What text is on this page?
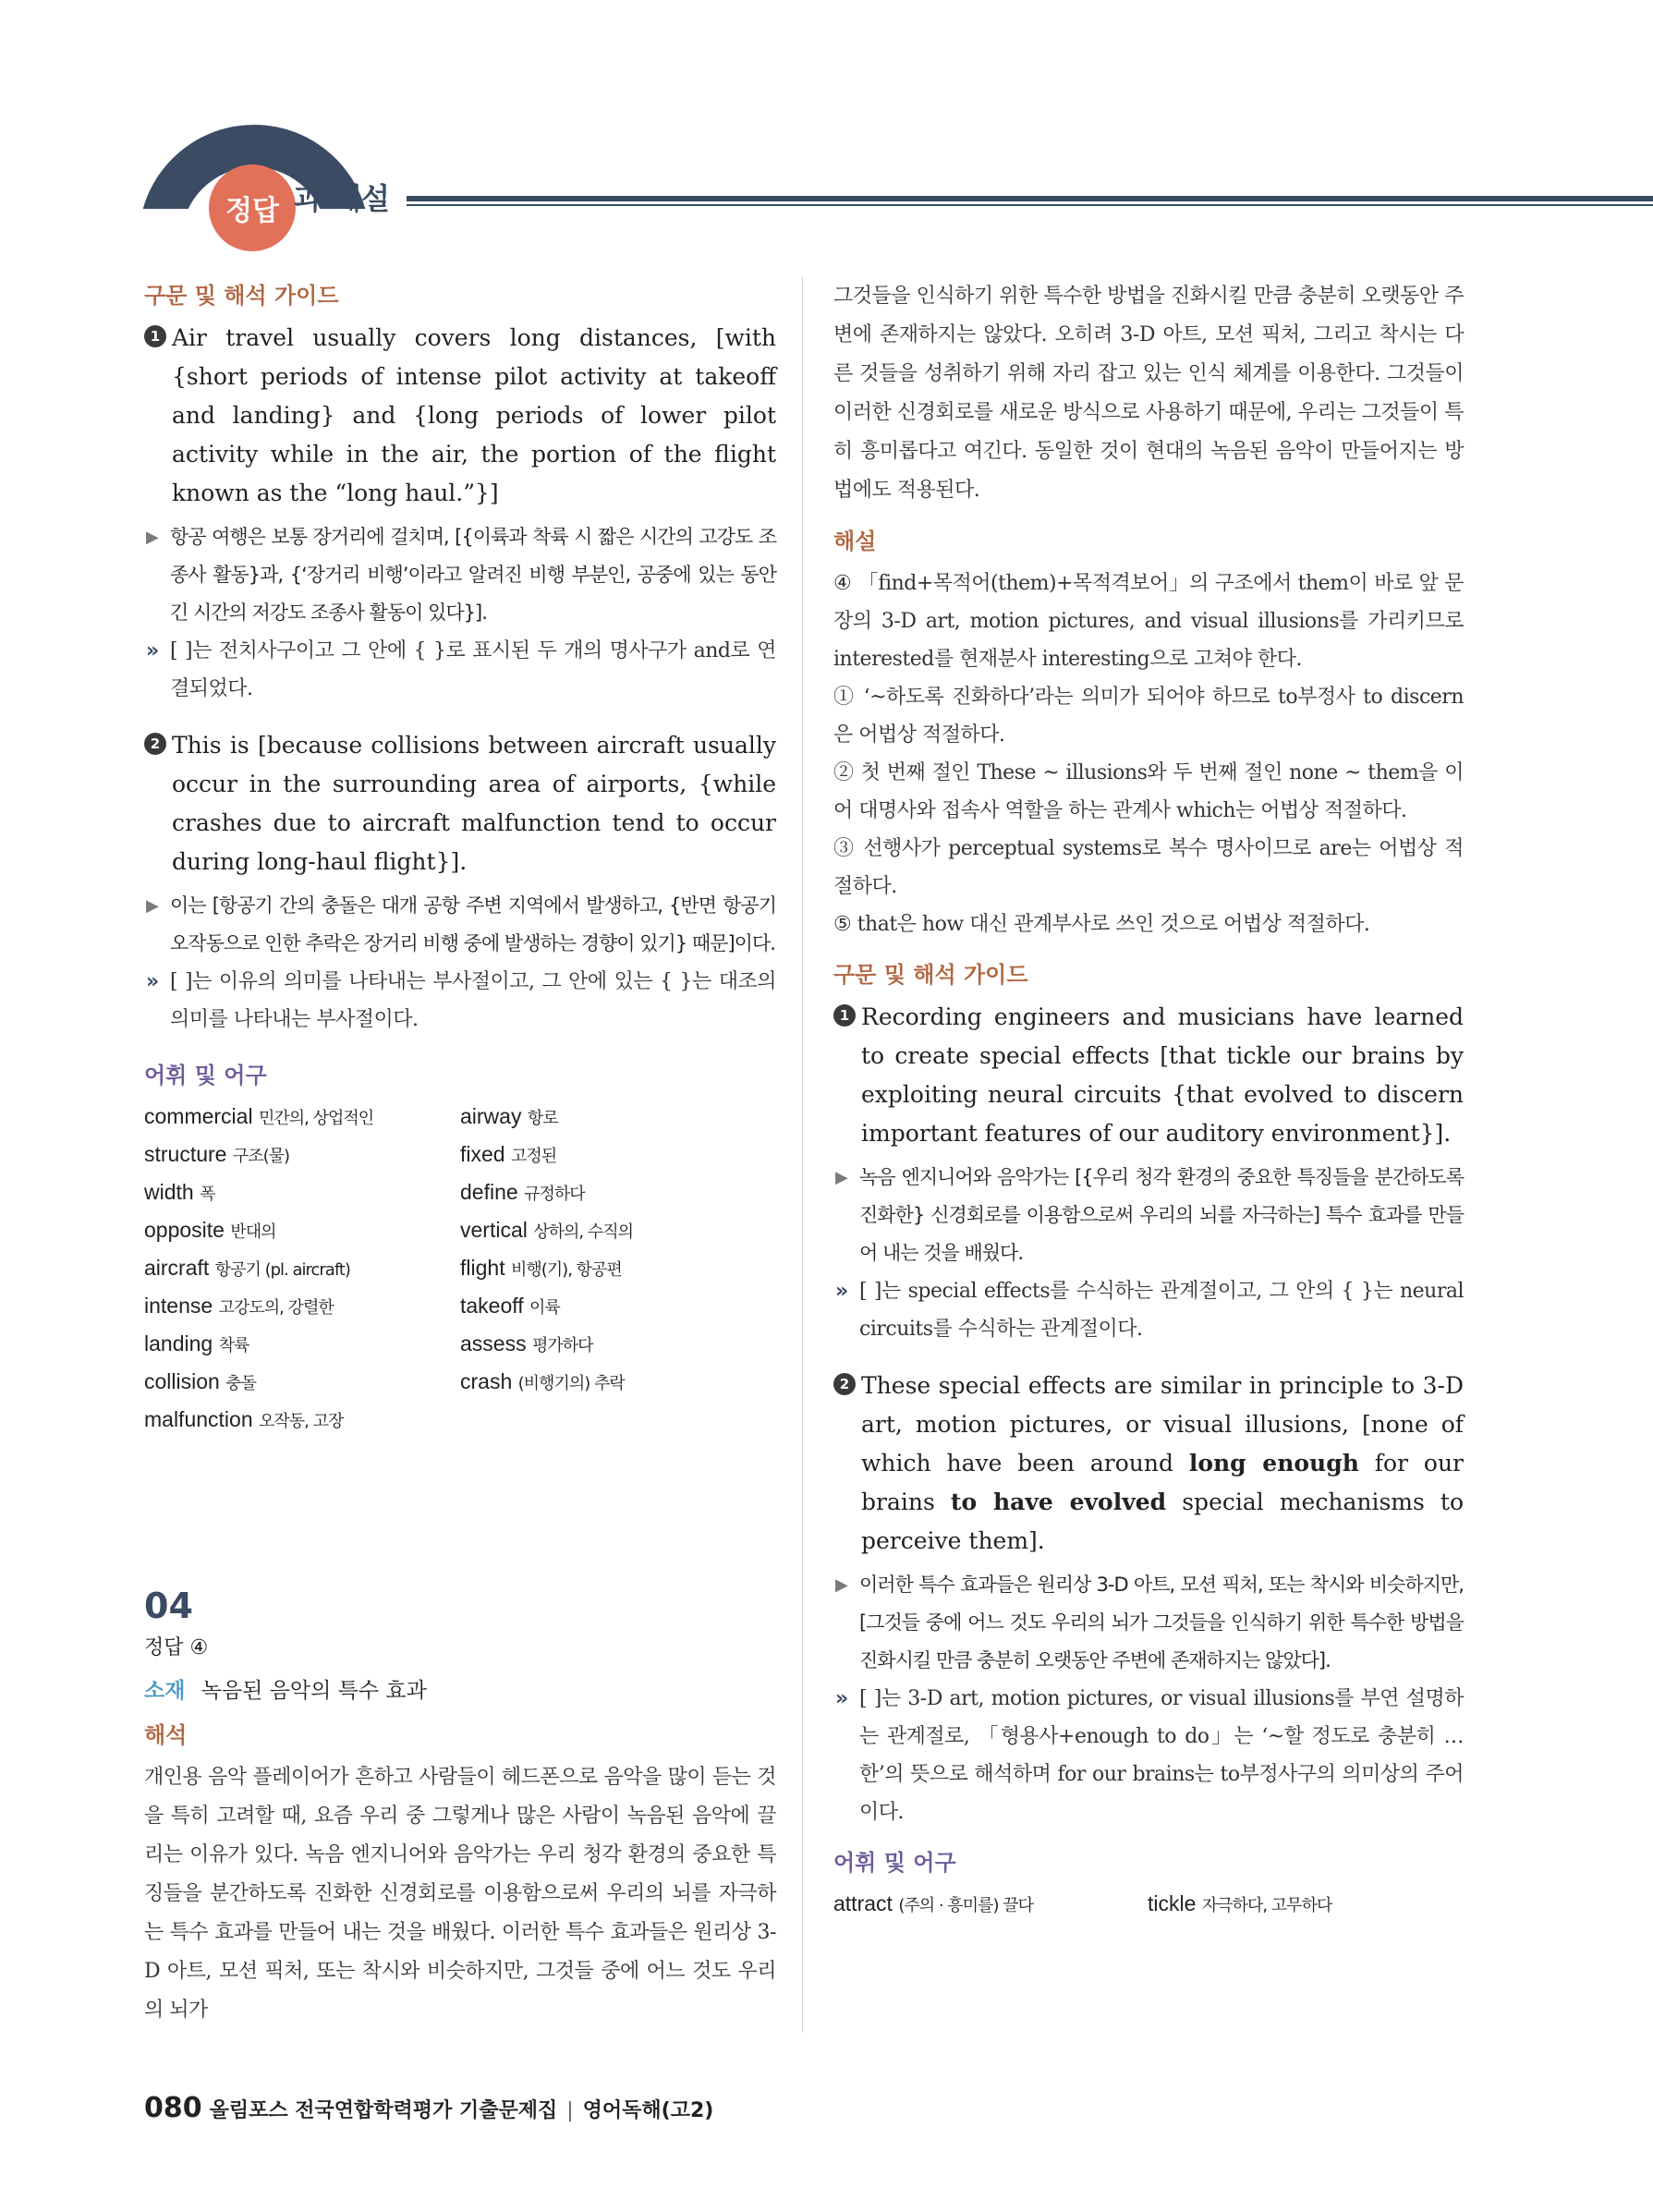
정답 과 해설
구문 및 해석 가이드
1 Air travel usually covers long distances, [with {short periods of intense pilot activity at takeoff and landing} and {long periods of lower pilot activity while in the air, the portion of the flight known as the “long haul.”}]
▶ 항공 여행은 보통 장거리에 걸치며, [{이륙과 착륙 시 짧은 시간의 고강도 조종사 활동}과, {‘장거리 비행’이라고 알려진 비행 부분인, 공중에 있는 동안 긴 시간의 저강도 조종사 활동이 있다}].
» [ ]는 전치사구이고 그 안에 { }로 표시된 두 개의 명사구가 and로 연결되었다.
2 This is [because collisions between aircraft usually occur in the surrounding area of airports, {while crashes due to aircraft malfunction tend to occur during long-haul flight}].
▶ 이는 [항공기 간의 충돌은 대개 공항 주변 지역에서 발생하고, {반면 항공기 오작동으로 인한 추락은 장거리 비행 중에 발생하는 경향이 있기} 때문]이다.
» [ ]는 이유의 의미를 나타내는 부사절이고, 그 안에 있는 { }는 대조의 의미를 나타내는 부사절이다.
어휘 및 어구
commercial 민간의, 상업적인	airway 항로
structure 구조(물)	fixed 고정된
width 폭	define 규정하다
opposite 반대의	vertical 상하의, 수직의
aircraft 항공기 (pl. aircraft)	flight 비행(기), 항공편
intense 고강도의, 강렬한	takeoff 이륙
landing 착륙	assess 평가하다
collision 충돌	crash (비행기의) 추락
malfunction 오작동, 고장
04
정답 ④
소재 녹음된 음악의 특수 효과
해석
개인용 음악 플레이어가 흔하고 사람들이 헤드폰으로 음악을 많이 듣는 것을 특히 고려할 때, 요즘 우리 중 그렇게나 많은 사람이 녹음된 음악에 끌리는 이유가 있다. 녹음 엔지니어와 음악가는 우리 청각 환경의 중요한 특징들을 분간하도록 진화한 신경회로를 이용함으로써 우리의 뇌를 자극하는 특수 효과를 만들어 내는 것을 배웠다. 이러한 특수 효과들은 원리상 3-D 아트, 모션 픽처, 또는 착시와 비슷하지만, 그것들 중에 어느 것도 우리의 뇌가
그것들을 인식하기 위한 특수한 방법을 진화시킬 만큼 충분히 오랫동안 주변에 존재하지는 않았다. 오히려 3-D 아트, 모션 픽처, 그리고 착시는 다른 것들을 성취하기 위해 자리 잡고 있는 인식 체계를 이용한다. 그것들이 이러한 신경회로를 새로운 방식으로 사용하기 때문에, 우리는 그것들이 특히 흥미롭다고 여긴다. 동일한 것이 현대의 녹음된 음악이 만들어지는 방법에도 적용된다.
해설
④ 「find+목적어(them)+목적격보어」의 구조에서 them이 바로 앞 문장의 3-D art, motion pictures, and visual illusions를 가리키므로 interested를 현재분사 interesting으로 고쳐야 한다.
① ‘~하도록 진화하다’라는 의미가 되어야 하므로 to부정사 to discern은 어법상 적절하다.
② 첫 번째 절인 These ~ illusions와 두 번째 절인 none ~ them을 이어 대명사와 접속사 역할을 하는 관계사 which는 어법상 적절하다.
③ 선행사가 perceptual systems로 복수 명사이므로 are는 어법상 적절하다.
⑤ that은 how 대신 관계부사로 쓰인 것으로 어법상 적절하다.
구문 및 해석 가이드
1 Recording engineers and musicians have learned to create special effects [that tickle our brains by exploiting neural circuits {that evolved to discern important features of our auditory environment}].
▶ 녹음 엔지니어와 음악가는 [{우리 청각 환경의 중요한 특징들을 분간하도록 진화한} 신경회로를 이용함으로써 우리의 뇌를 자극하는] 특수 효과를 만들어 내는 것을 배웠다.
» [ ]는 special effects를 수식하는 관계절이고, 그 안의 { }는 neural circuits를 수식하는 관계절이다.
2 These special effects are similar in principle to 3-D art, motion pictures, or visual illusions, [none of which have been around long enough for our brains to have evolved special mechanisms to perceive them].
▶ 이러한 특수 효과들은 원리상 3-D 아트, 모션 픽처, 또는 착시와 비슷하지만, [그것들 중에 어느 것도 우리의 뇌가 그것들을 인식하기 위한 특수한 방법을 진화시킬 만큼 충분히 오랫동안 주변에 존재하지는 않았다].
» [ ]는 3-D art, motion pictures, or visual illusions를 부연 설명하는 관계절로, 「형용사+enough to do」는 ‘~할 정도로 충분히 …한’의 뜻으로 해석하며 for our brains는 to부정사구의 의미상의 주어이다.
어휘 및 어구
attract (주의 · 흥미를) 끌다	tickle 자극하다, 고무하다
080 올림포스 전국연합학력평가 기출문제집 | 영어독해(고2)
